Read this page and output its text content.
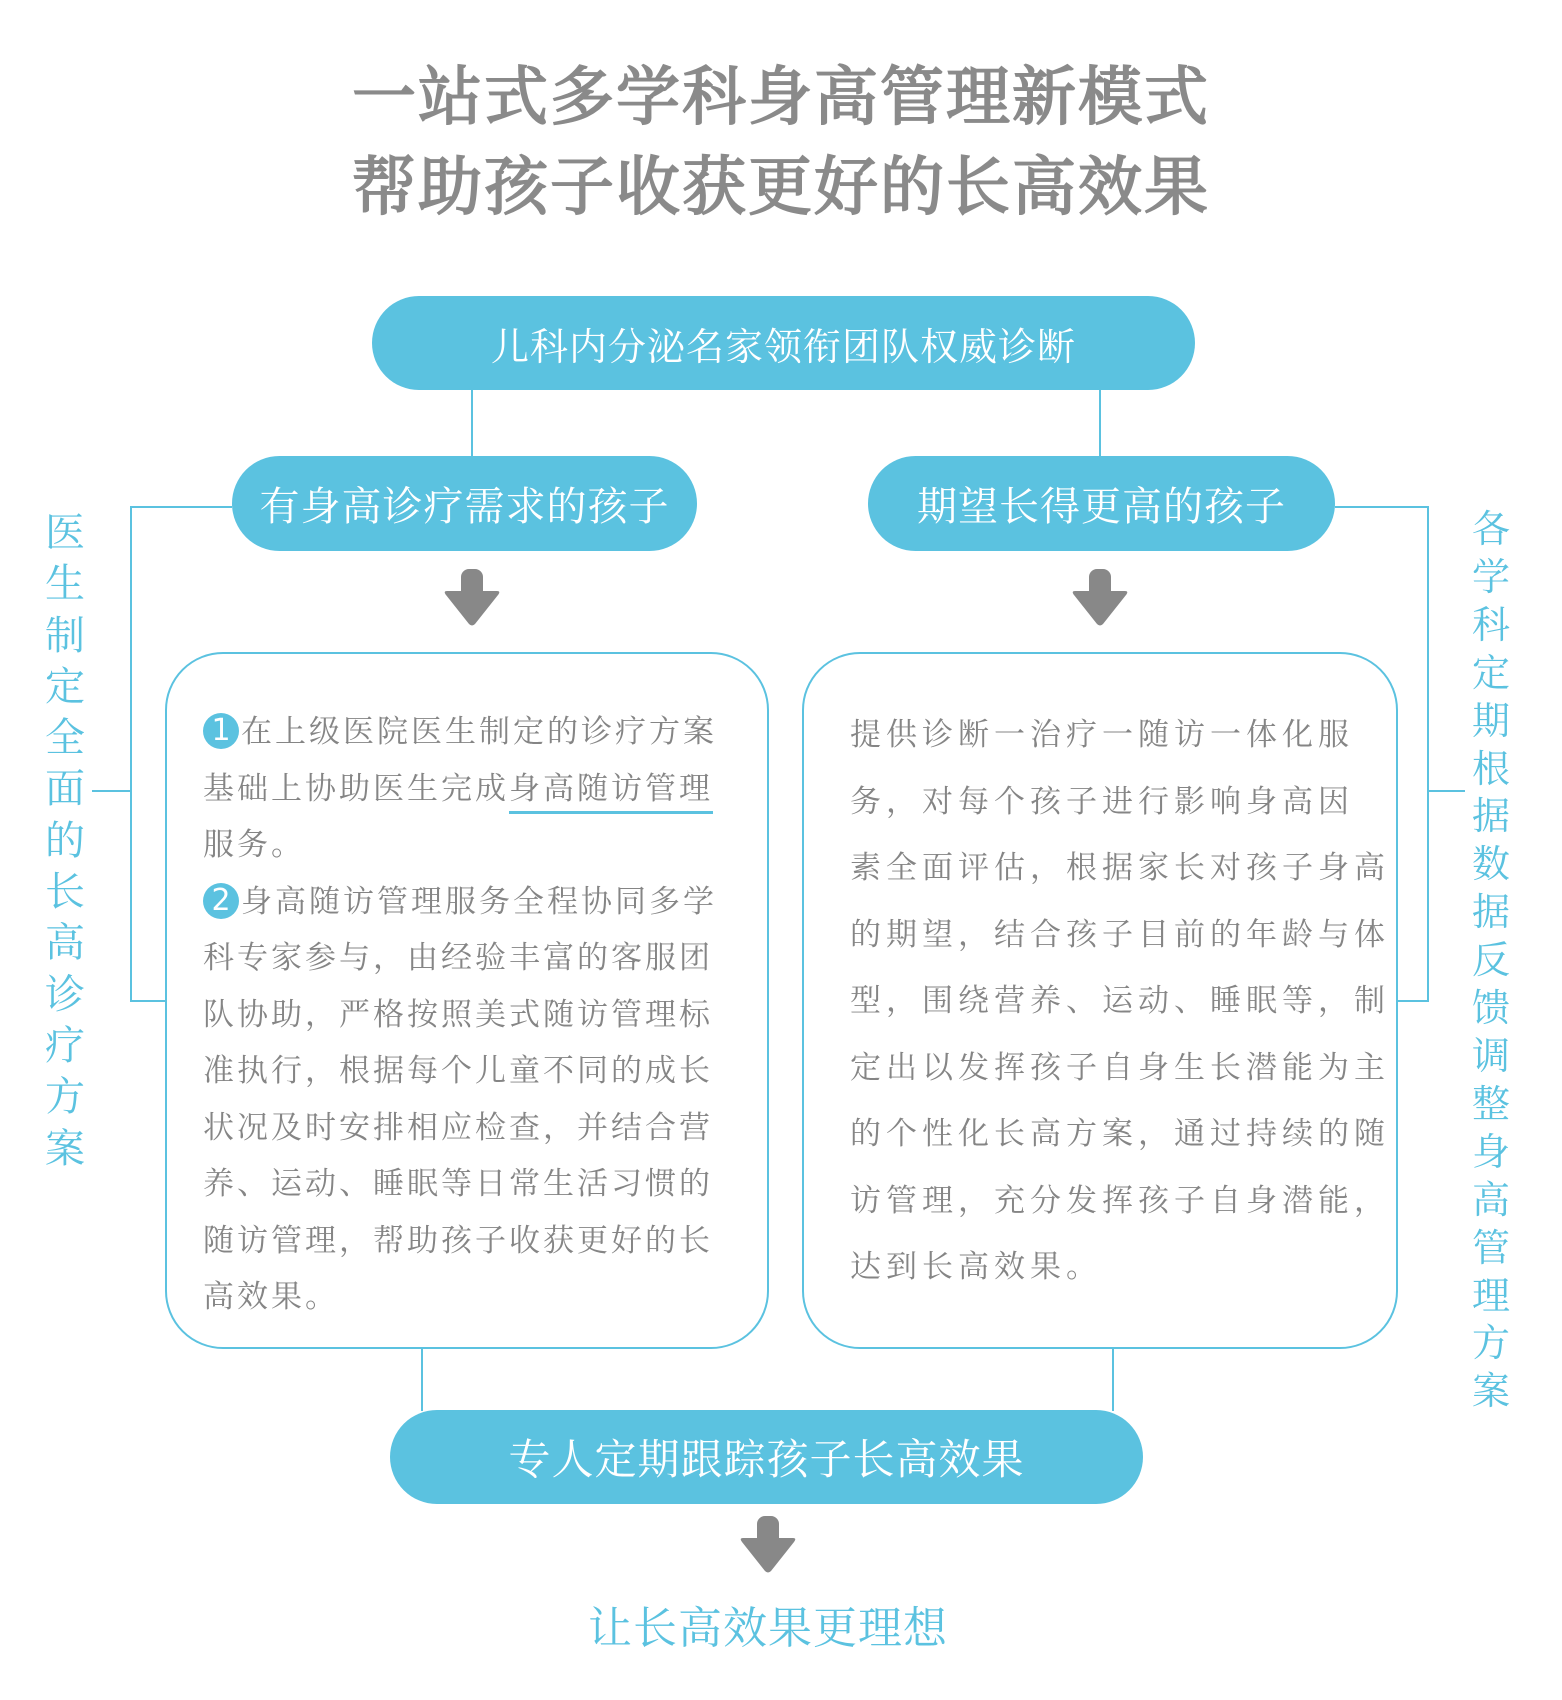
一站式多学科身高管理新模式
帮助孩子收获更好的长高效果
儿科内分泌名家领衔团队权威诊断
有身高诊疗需求的孩子	期望长得更高的孩子
医
生
制
定
全
面
的
长
高
诊
疗
方
案
各
学
科
定
期
根
据
数
据
反
馈
调
整
身
高
管
理
方
案

1 在上级医院医生制定的诊疗方案

基础上协助医生完成身高随访管理

服务。

2 身高随访管理服务全程协同多学

科专家参与，由经验丰富的客服团

队协助，严格按照美式随访管理标

准执行，根据每个儿童不同的成长

状况及时安排相应检查，并结合营

养、运动、睡眠等日常生活习惯的

随访管理，帮助孩子收获更好的长

高效果。

提供诊断一治疗一随访一体化服

务，对每个孩子进行影响身高因

素全面评估，根据家长对孩子身高

的期望，结合孩子目前的年龄与体

型，围绕营养、运动、睡眠等，制

定出以发挥孩子自身生长潜能为主

的个性化长高方案，通过持续的随

访管理，充分发挥孩子自身潜能，

达到长高效果。

专人定期跟踪孩子长高效果
让长高效果更理想
